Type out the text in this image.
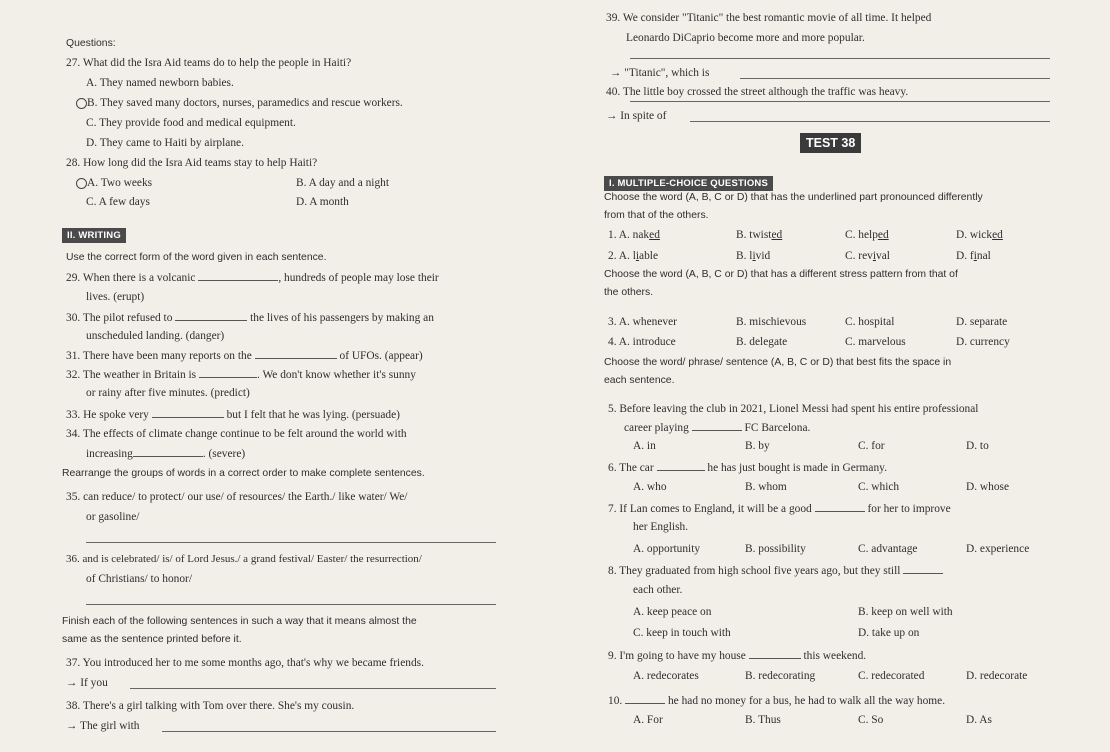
Questions:
27. What did the Isra Aid teams do to help the people in Haiti?
A. They named newborn babies.
B. They saved many doctors, nurses, paramedics and rescue workers.
C. They provide food and medical equipment.
D. They came to Haiti by airplane.
28. How long did the Isra Aid teams stay to help Haiti?
A. Two weeks	B. A day and a night
C. A few days	D. A month
II. WRITING
Use the correct form of the word given in each sentence.
29. When there is a volcanic	, hundreds of people may lose their
lives. (erupt)
30. The pilot refused to	the lives of his passengers by making an
unscheduled landing. (danger)
31. There have been many reports on the	of UFOs. (appear)
32. The weather in Britain is	. We don't know whether it's sunny
or rainy after five minutes. (predict)
33. He spoke very	but I felt that he was lying. (persuade)
34. The effects of climate change continue to be felt around the world with
increasing	. (severe)
Rearrange the groups of words in a correct order to make complete sentences.
35. can reduce/ to protect/ our use/ of resources/ the Earth./ like water/ We/
or gasoline/
36. and is celebrated/ is/ of Lord Jesus./ a grand festival/ Easter/ the resurrection/
of Christians/ to honor/
Finish each of the following sentences in such a way that it means almost the
same as the sentence printed before it.
37. You introduced her to me some months ago, that's why we became friends.
→ If you
38. There's a girl talking with Tom over there. She's my cousin.
→ The girl with
39. We consider "Titanic" the best romantic movie of all time. It helped
Leonardo DiCaprio become more and more popular.
→ "Titanic", which is
40. The little boy crossed the street although the traffic was heavy.
→ In spite of
TEST 38
I. MULTIPLE-CHOICE QUESTIONS
Choose the word (A, B, C or D) that has the underlined part pronounced differently
from that of the others.
1. A. naked	B. twisted	C. helped	D. wicked
2. A. liable	B. livid	C. revival	D. final
Choose the word (A, B, C or D) that has a different stress pattern from that of
the others.
3. A. whenever	B. mischievous	C. hospital	D. separate
4. A. introduce	B. delegate	C. marvelous	D. currency
Choose the word/ phrase/ sentence (A, B, C or D) that best fits the space in
each sentence.
5. Before leaving the club in 2021, Lionel Messi had spent his entire professional
career playing	FC Barcelona.
A. in	B. by	C. for	D. to
6. The car	he has just bought is made in Germany.
A. who	B. whom	C. which	D. whose
7. If Lan comes to England, it will be a good	for her to improve
her English.
A. opportunity	B. possibility	C. advantage	D. experience
8. They graduated from high school five years ago, but they still
each other.
A. keep peace on	B. keep on well with
C. keep in touch with	D. take up on
9. I'm going to have my house	this weekend.
A. redecorates	B. redecorating	C. redecorated	D. redecorate
10.	he had no money for a bus, he had to walk all the way home.
A. For	B. Thus	C. So	D. As
